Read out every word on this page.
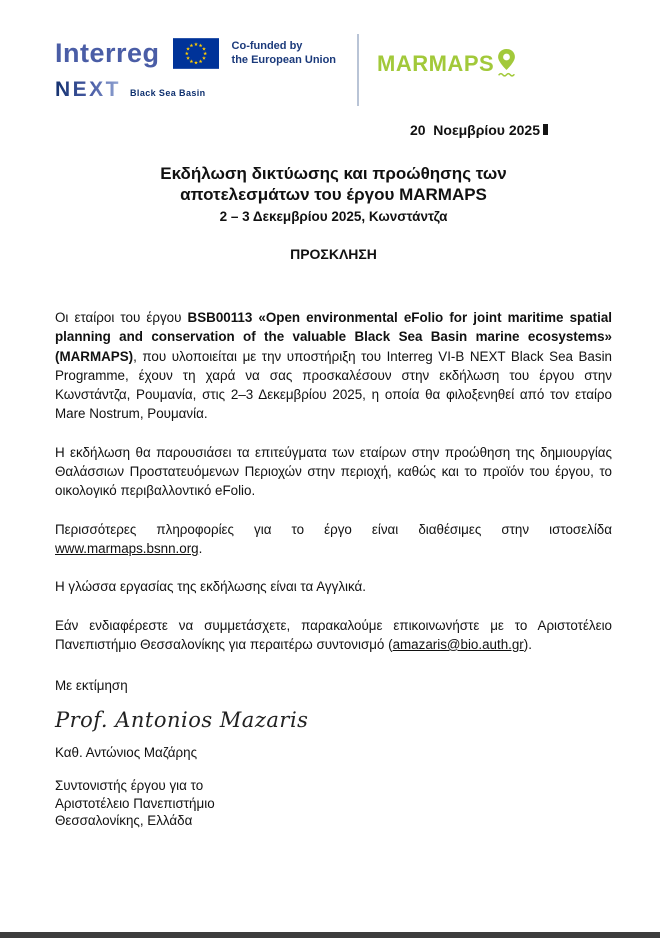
Interreg	Co-funded by
the European Union
NEXT Black Sea Basin
MARMAPS
20  Νοεμβρίου 2025
Εκδήλωση δικτύωσης και προώθησης των αποτελεσμάτων του έργου MARMAPS
2 – 3 Δεκεμβρίου 2025, Κωνστάντζα
ΠΡΟΣΚΛΗΣΗ

Οι εταίροι του έργου BSB00113 «Open environmental eFolio for joint maritime spatial planning and conservation of the valuable Black Sea Basin marine ecosystems» (MARMAPS), που υλοποιείται με την υποστήριξη του Interreg VI-B NEXT Black Sea Basin Programme, έχουν τη χαρά να σας προσκαλέσουν στην εκδήλωση του έργου στην Κωνστάντζα, Ρουμανία, στις 2–3 Δεκεμβρίου 2025, η οποία θα φιλοξενηθεί από τον εταίρο Mare Nostrum, Ρουμανία.

Η εκδήλωση θα παρουσιάσει τα επιτεύγματα των εταίρων στην προώθηση της δημιουργίας Θαλάσσιων Προστατευόμενων Περιοχών στην περιοχή, καθώς και το προϊόν του έργου, το οικολογικό περιβαλλοντικό eFolio.

Περισσότερες πληροφορίες για το έργο είναι διαθέσιμες στην ιστοσελίδα www.marmaps.bsnn.org.

Η γλώσσα εργασίας της εκδήλωσης είναι τα Αγγλικά.

Εάν ενδιαφέρεστε να συμμετάσχετε, παρακαλούμε επικοινωνήστε με το Αριστοτέλειο Πανεπιστήμιο Θεσσαλονίκης για περαιτέρω συντονισμό (amazaris@bio.auth.gr).

Με εκτίμηση
Prof. Antonios Mazaris
Καθ. Αντώνιος Μαζάρης
Συντονιστής έργου για το
Αριστοτέλειο Πανεπιστήμιο
Θεσσαλονίκης, Ελλάδα
